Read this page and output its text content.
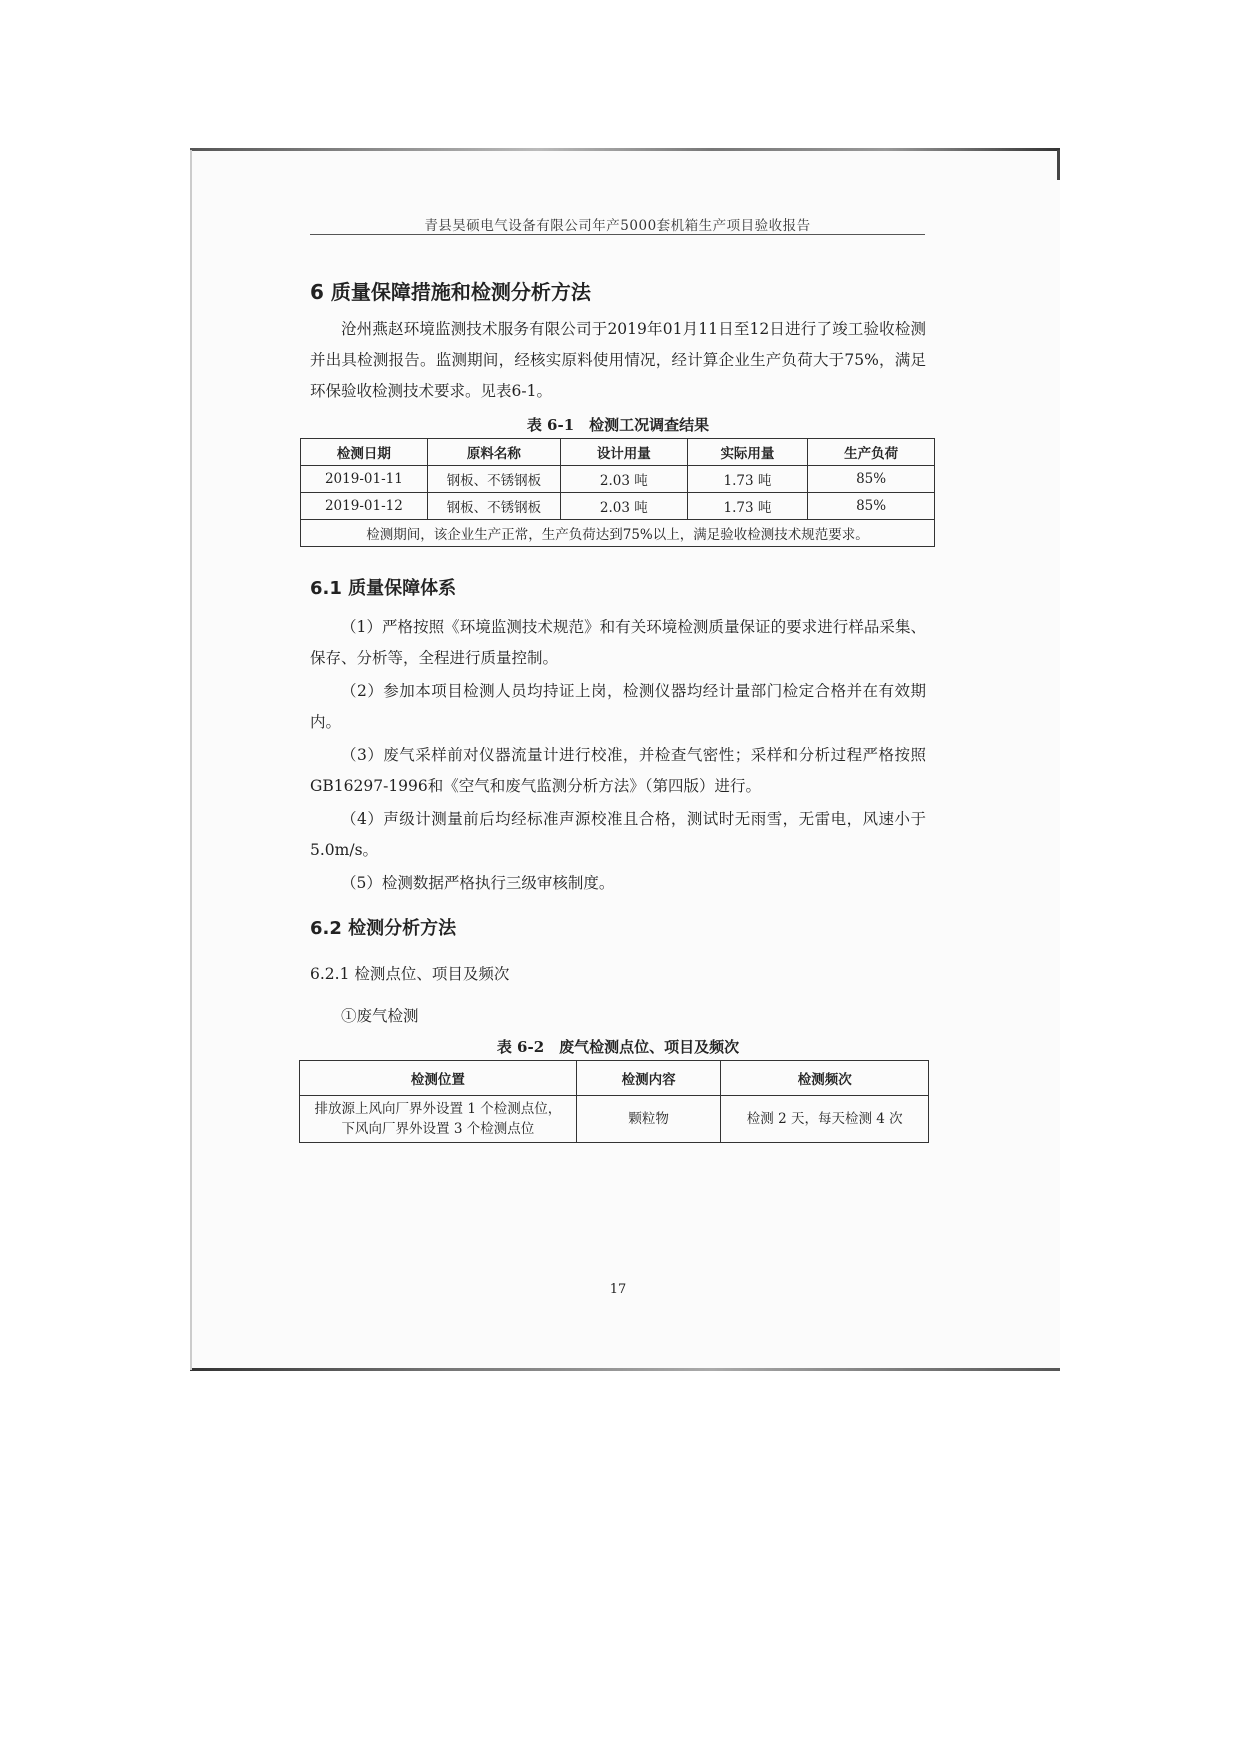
青县昊硕电气设备有限公司年产5000套机箱生产项目验收报告
6 质量保障措施和检测分析方法
沧州燕赵环境监测技术服务有限公司于2019年01月11日至12日进行了竣工验收检测并出具检测报告。监测期间，经核实原料使用情况，经计算企业生产负荷大于75%，满足环保验收检测技术要求。见表6-1。
表 6-1　检测工况调查结果
检测日期	原料名称	设计用量	实际用量	生产负荷
2019-01-11	钢板、不锈钢板	2.03 吨	1.73 吨	85%
2019-01-12	钢板、不锈钢板	2.03 吨	1.73 吨	85%
检测期间，该企业生产正常，生产负荷达到75%以上，满足验收检测技术规范要求。				
6.1 质量保障体系
（1）严格按照《环境监测技术规范》和有关环境检测质量保证的要求进行样品采集、保存、分析等，全程进行质量控制。
（2）参加本项目检测人员均持证上岗，检测仪器均经计量部门检定合格并在有效期内。
（3）废气采样前对仪器流量计进行校准，并检查气密性；采样和分析过程严格按照GB16297-1996和《空气和废气监测分析方法》（第四版）进行。
（4）声级计测量前后均经标准声源校准且合格，测试时无雨雪，无雷电，风速小于5.0m/s。
（5）检测数据严格执行三级审核制度。
6.2 检测分析方法
6.2.1 检测点位、项目及频次
①废气检测
表 6-2　废气检测点位、项目及频次
检测位置	检测内容	检测频次

排放源上风向厂界外设置 1 个检测点位，
下风向厂界外设置 3 个检测点位	颗粒物	检测 2 天，每天检测 4 次
17
